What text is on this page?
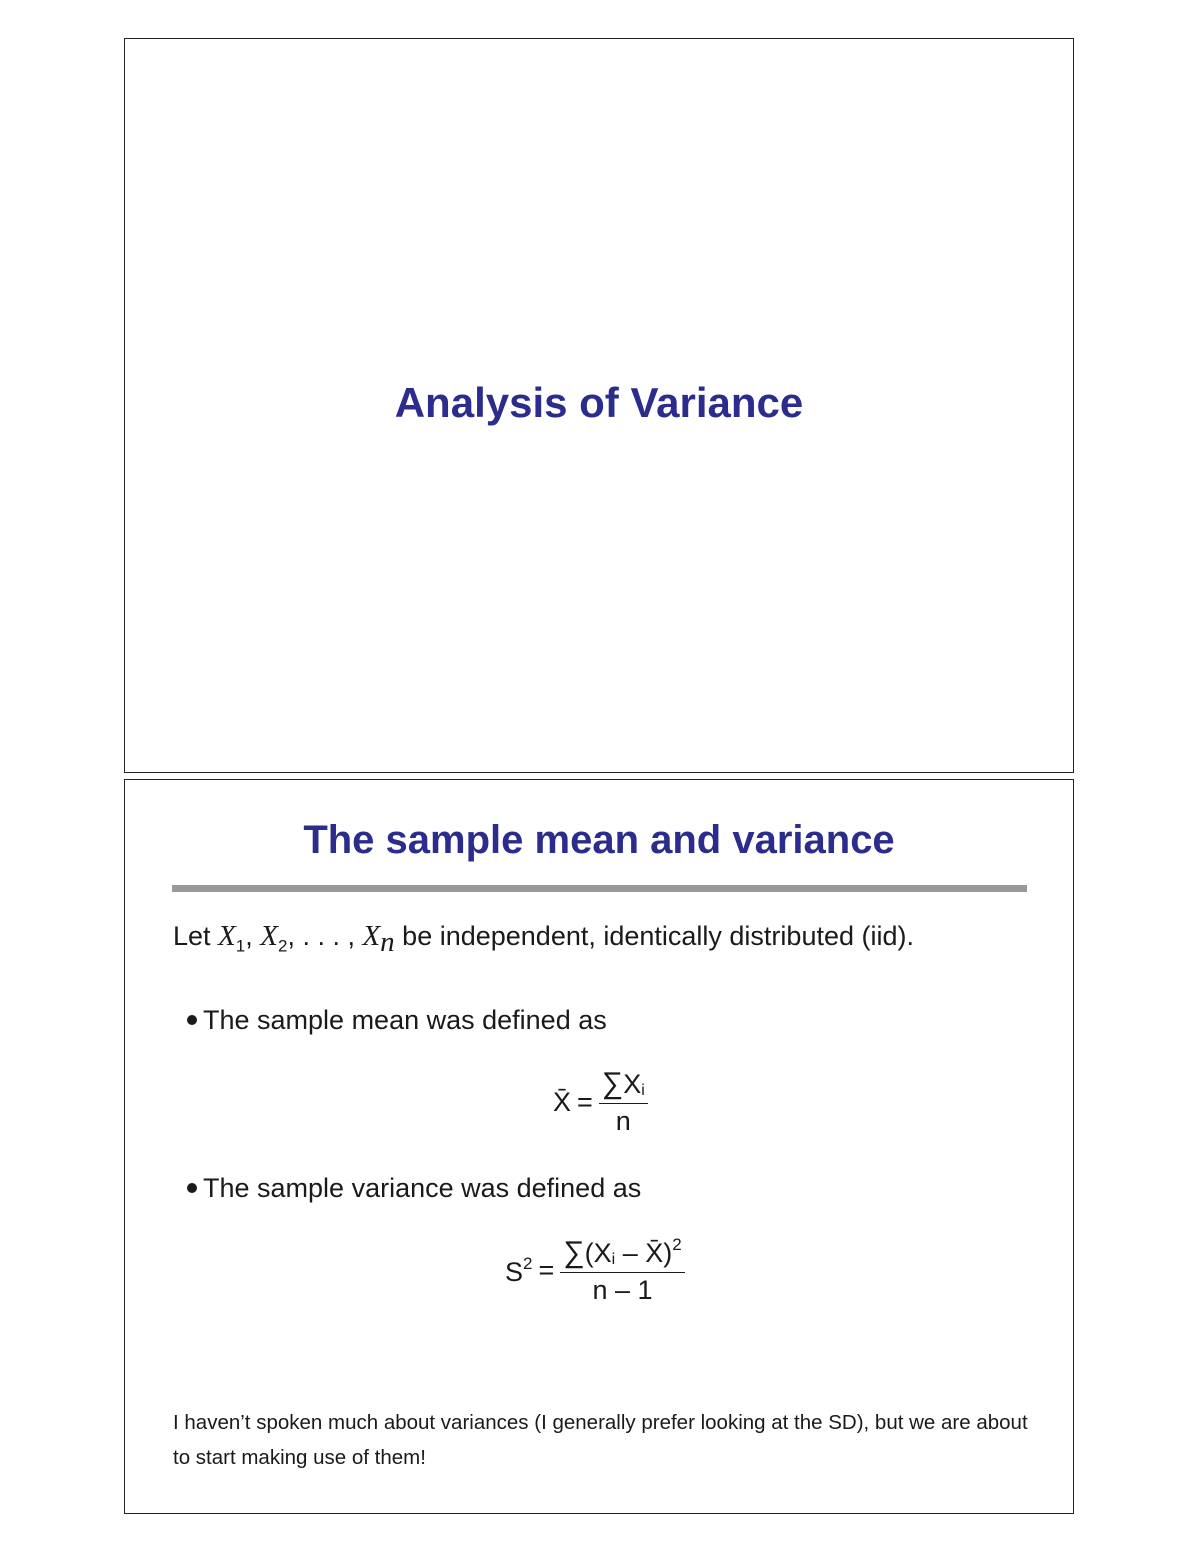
Analysis of Variance
The sample mean and variance
Let $X_1$, $X_2$, . . . , $X_n$ be independent, identically distributed (iid).
The sample mean was defined as
X̄ = $\frac{\sum Xi}{n}$
The sample variance was defined as
$S^2 = \frac{\sum(Xi - X̄)^2}{n - 1}$
I haven’t spoken much about variances (I generally prefer looking at the SD), but we are about to start making use of them!
